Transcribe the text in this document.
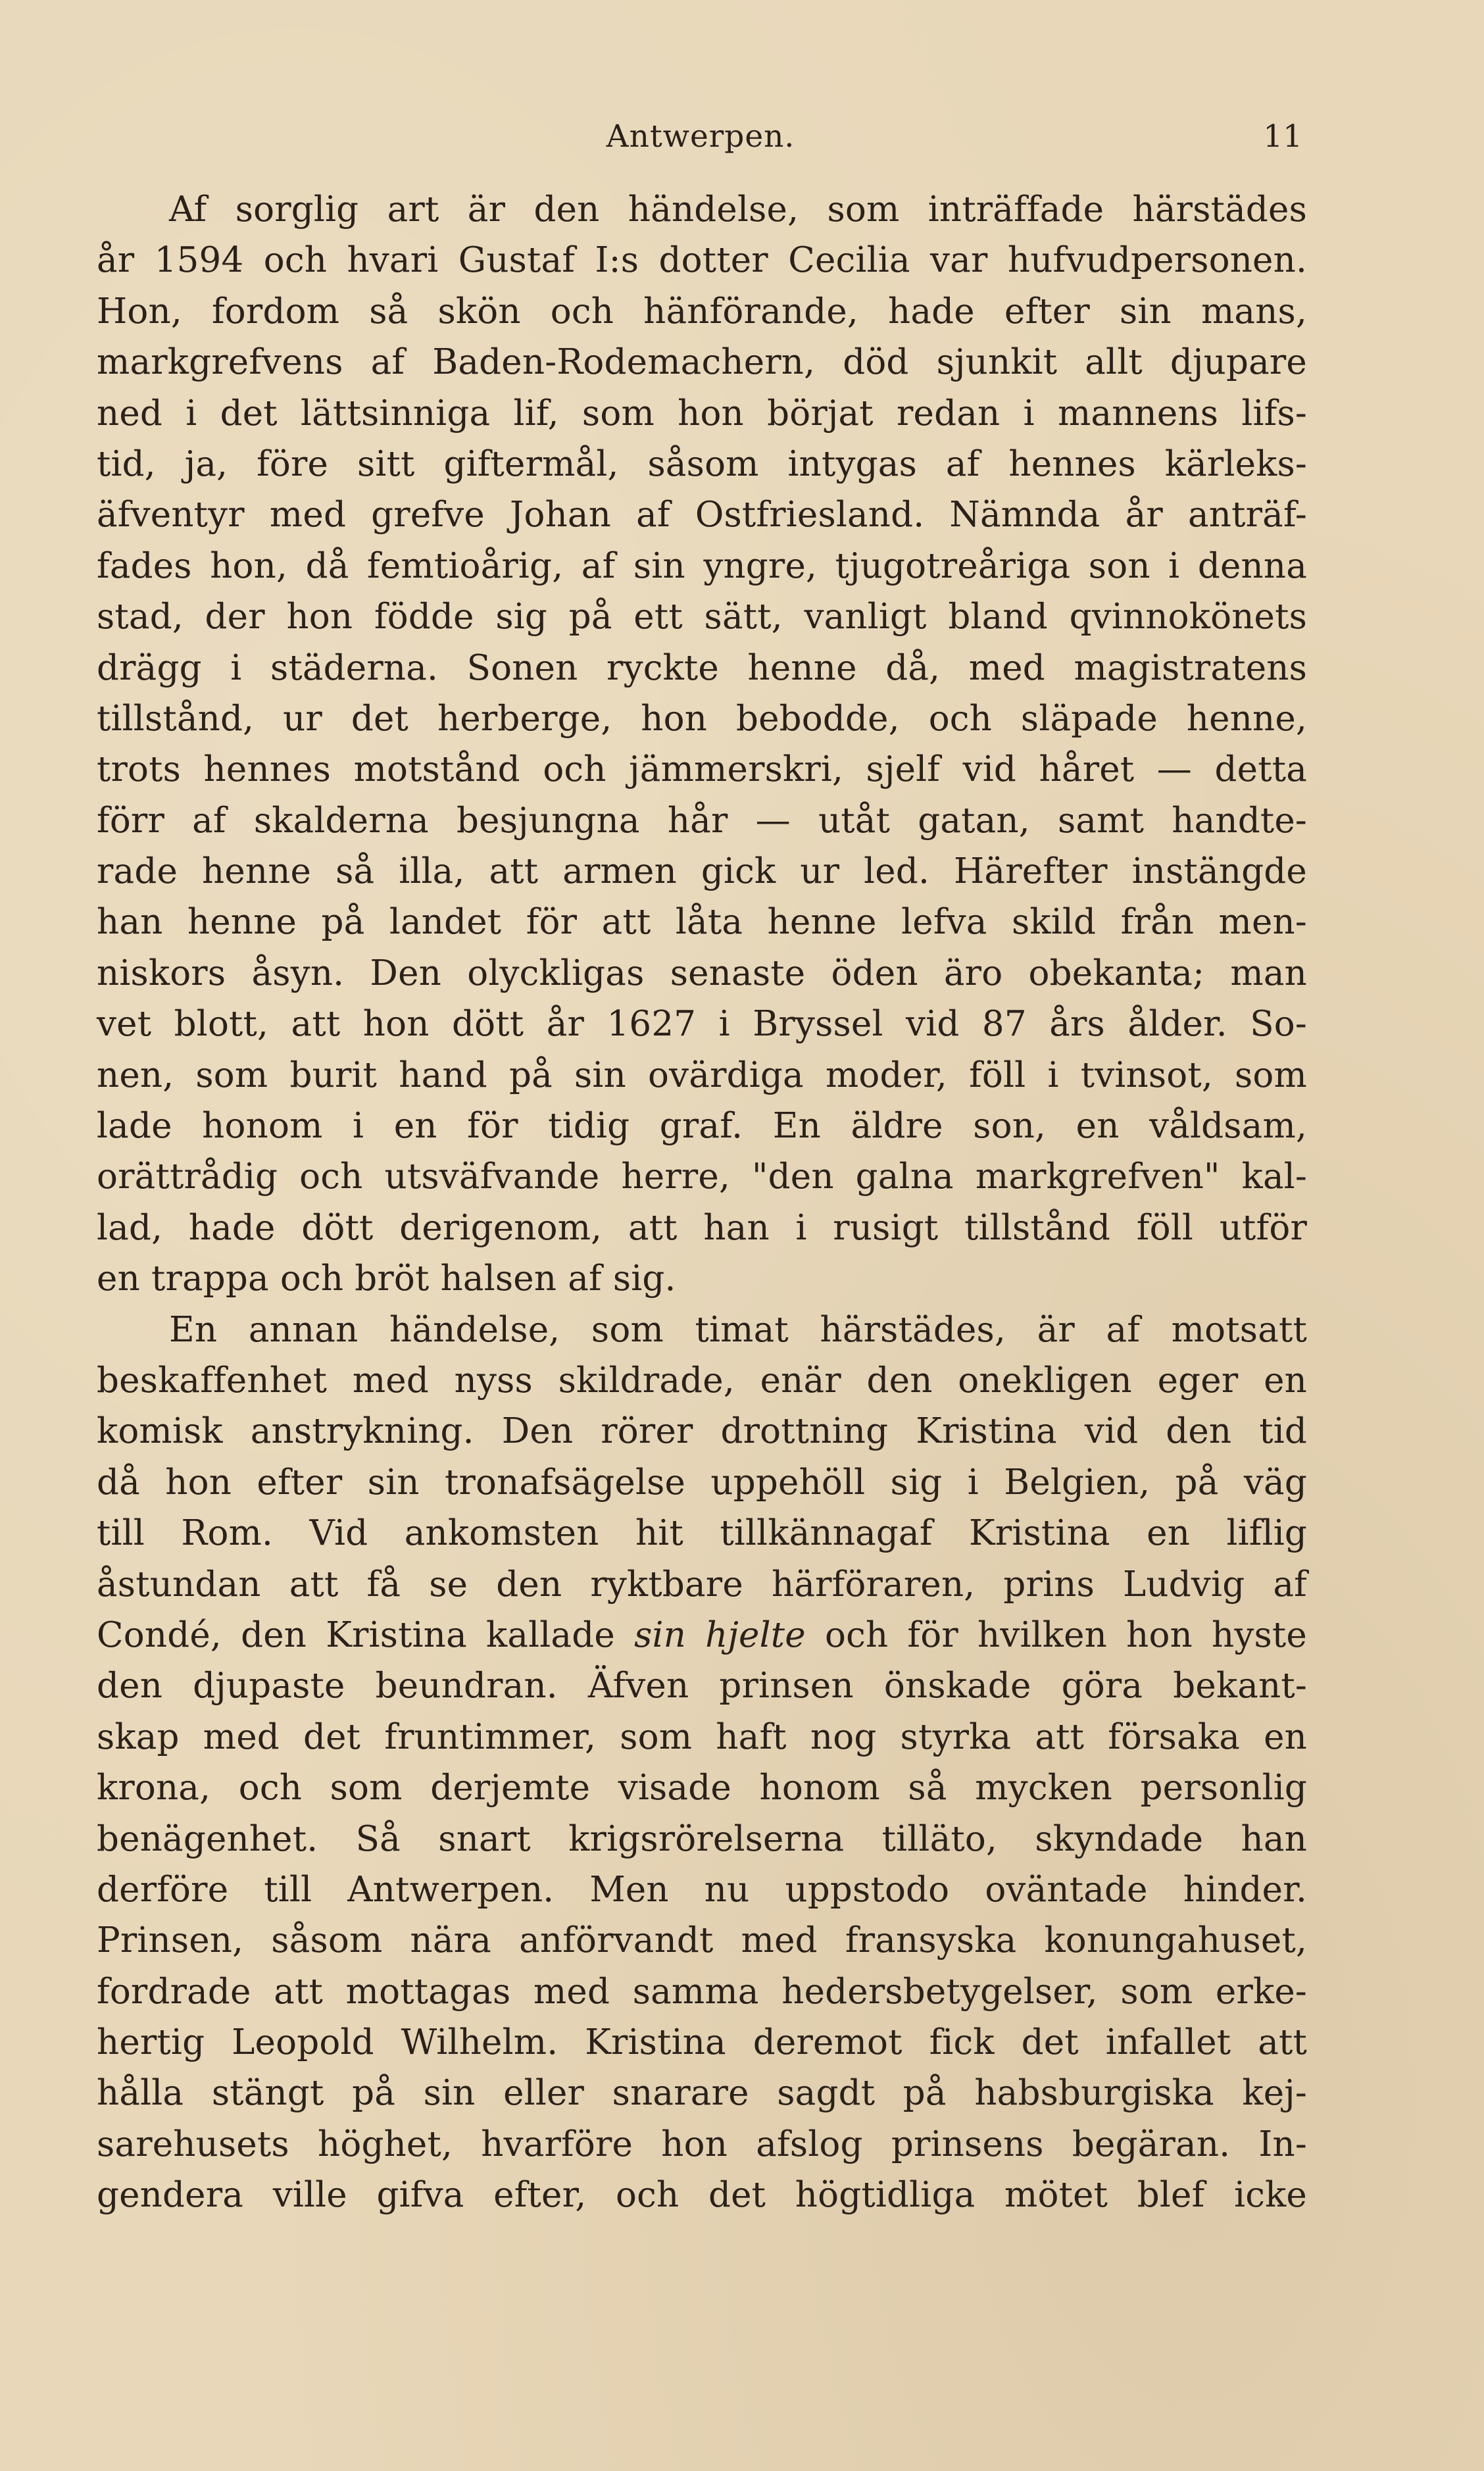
Antwerpen.	11
Af sorglig art är den händelse, som inträffade härstädes
år 1594 och hvari Gustaf I:s dotter Cecilia var hufvudpersonen.
Hon, fordom så skön och hänförande, hade efter sin mans,
markgrefvens af Baden-Rodemachern, död sjunkit allt djupare
ned i det lättsinniga lif, som hon börjat redan i mannens lifs-
tid, ja, före sitt giftermål, såsom intygas af hennes kärleks-
äfventyr med grefve Johan af Ostfriesland. Nämnda år anträf-
fades hon, då femtioårig, af sin yngre, tjugotreåriga son i denna
stad, der hon födde sig på ett sätt, vanligt bland qvinnokönets
drägg i städerna. Sonen ryckte henne då, med magistratens
tillstånd, ur det herberge, hon bebodde, och släpade henne,
trots hennes motstånd och jämmerskri, sjelf vid håret — detta
förr af skalderna besjungna hår — utåt gatan, samt handte-
rade henne så illa, att armen gick ur led. Härefter instängde
han henne på landet för att låta henne lefva skild från men-
niskors åsyn. Den olyckligas senaste öden äro obekanta; man
vet blott, att hon dött år 1627 i Bryssel vid 87 års ålder. So-
nen, som burit hand på sin ovärdiga moder, föll i tvinsot, som
lade honom i en för tidig graf. En äldre son, en våldsam,
orättrådig och utsväfvande herre, "den galna markgrefven" kal-
lad, hade dött derigenom, att han i rusigt tillstånd föll utför
en trappa och bröt halsen af sig.
En annan händelse, som timat härstädes, är af motsatt
beskaffenhet med nyss skildrade, enär den onekligen eger en
komisk anstrykning. Den rörer drottning Kristina vid den tid
då hon efter sin tronafsägelse uppehöll sig i Belgien, på väg
till Rom. Vid ankomsten hit tillkännagaf Kristina en liflig
åstundan att få se den ryktbare härföraren, prins Ludvig af
Condé, den Kristina kallade sin hjelte och för hvilken hon hyste
den djupaste beundran. Äfven prinsen önskade göra bekant-
skap med det fruntimmer, som haft nog styrka att försaka en
krona, och som derjemte visade honom så mycken personlig
benägenhet. Så snart krigsrörelserna tilläto, skyndade han
derföre till Antwerpen. Men nu uppstodo oväntade hinder.
Prinsen, såsom nära anförvandt med fransyska konungahuset,
fordrade att mottagas med samma hedersbetygelser, som erke-
hertig Leopold Wilhelm. Kristina deremot fick det infallet att
hålla stängt på sin eller snarare sagdt på habsburgiska kej-
sarehusets höghet, hvarföre hon afslog prinsens begäran. In-
gendera ville gifva efter, och det högtidliga mötet blef icke
